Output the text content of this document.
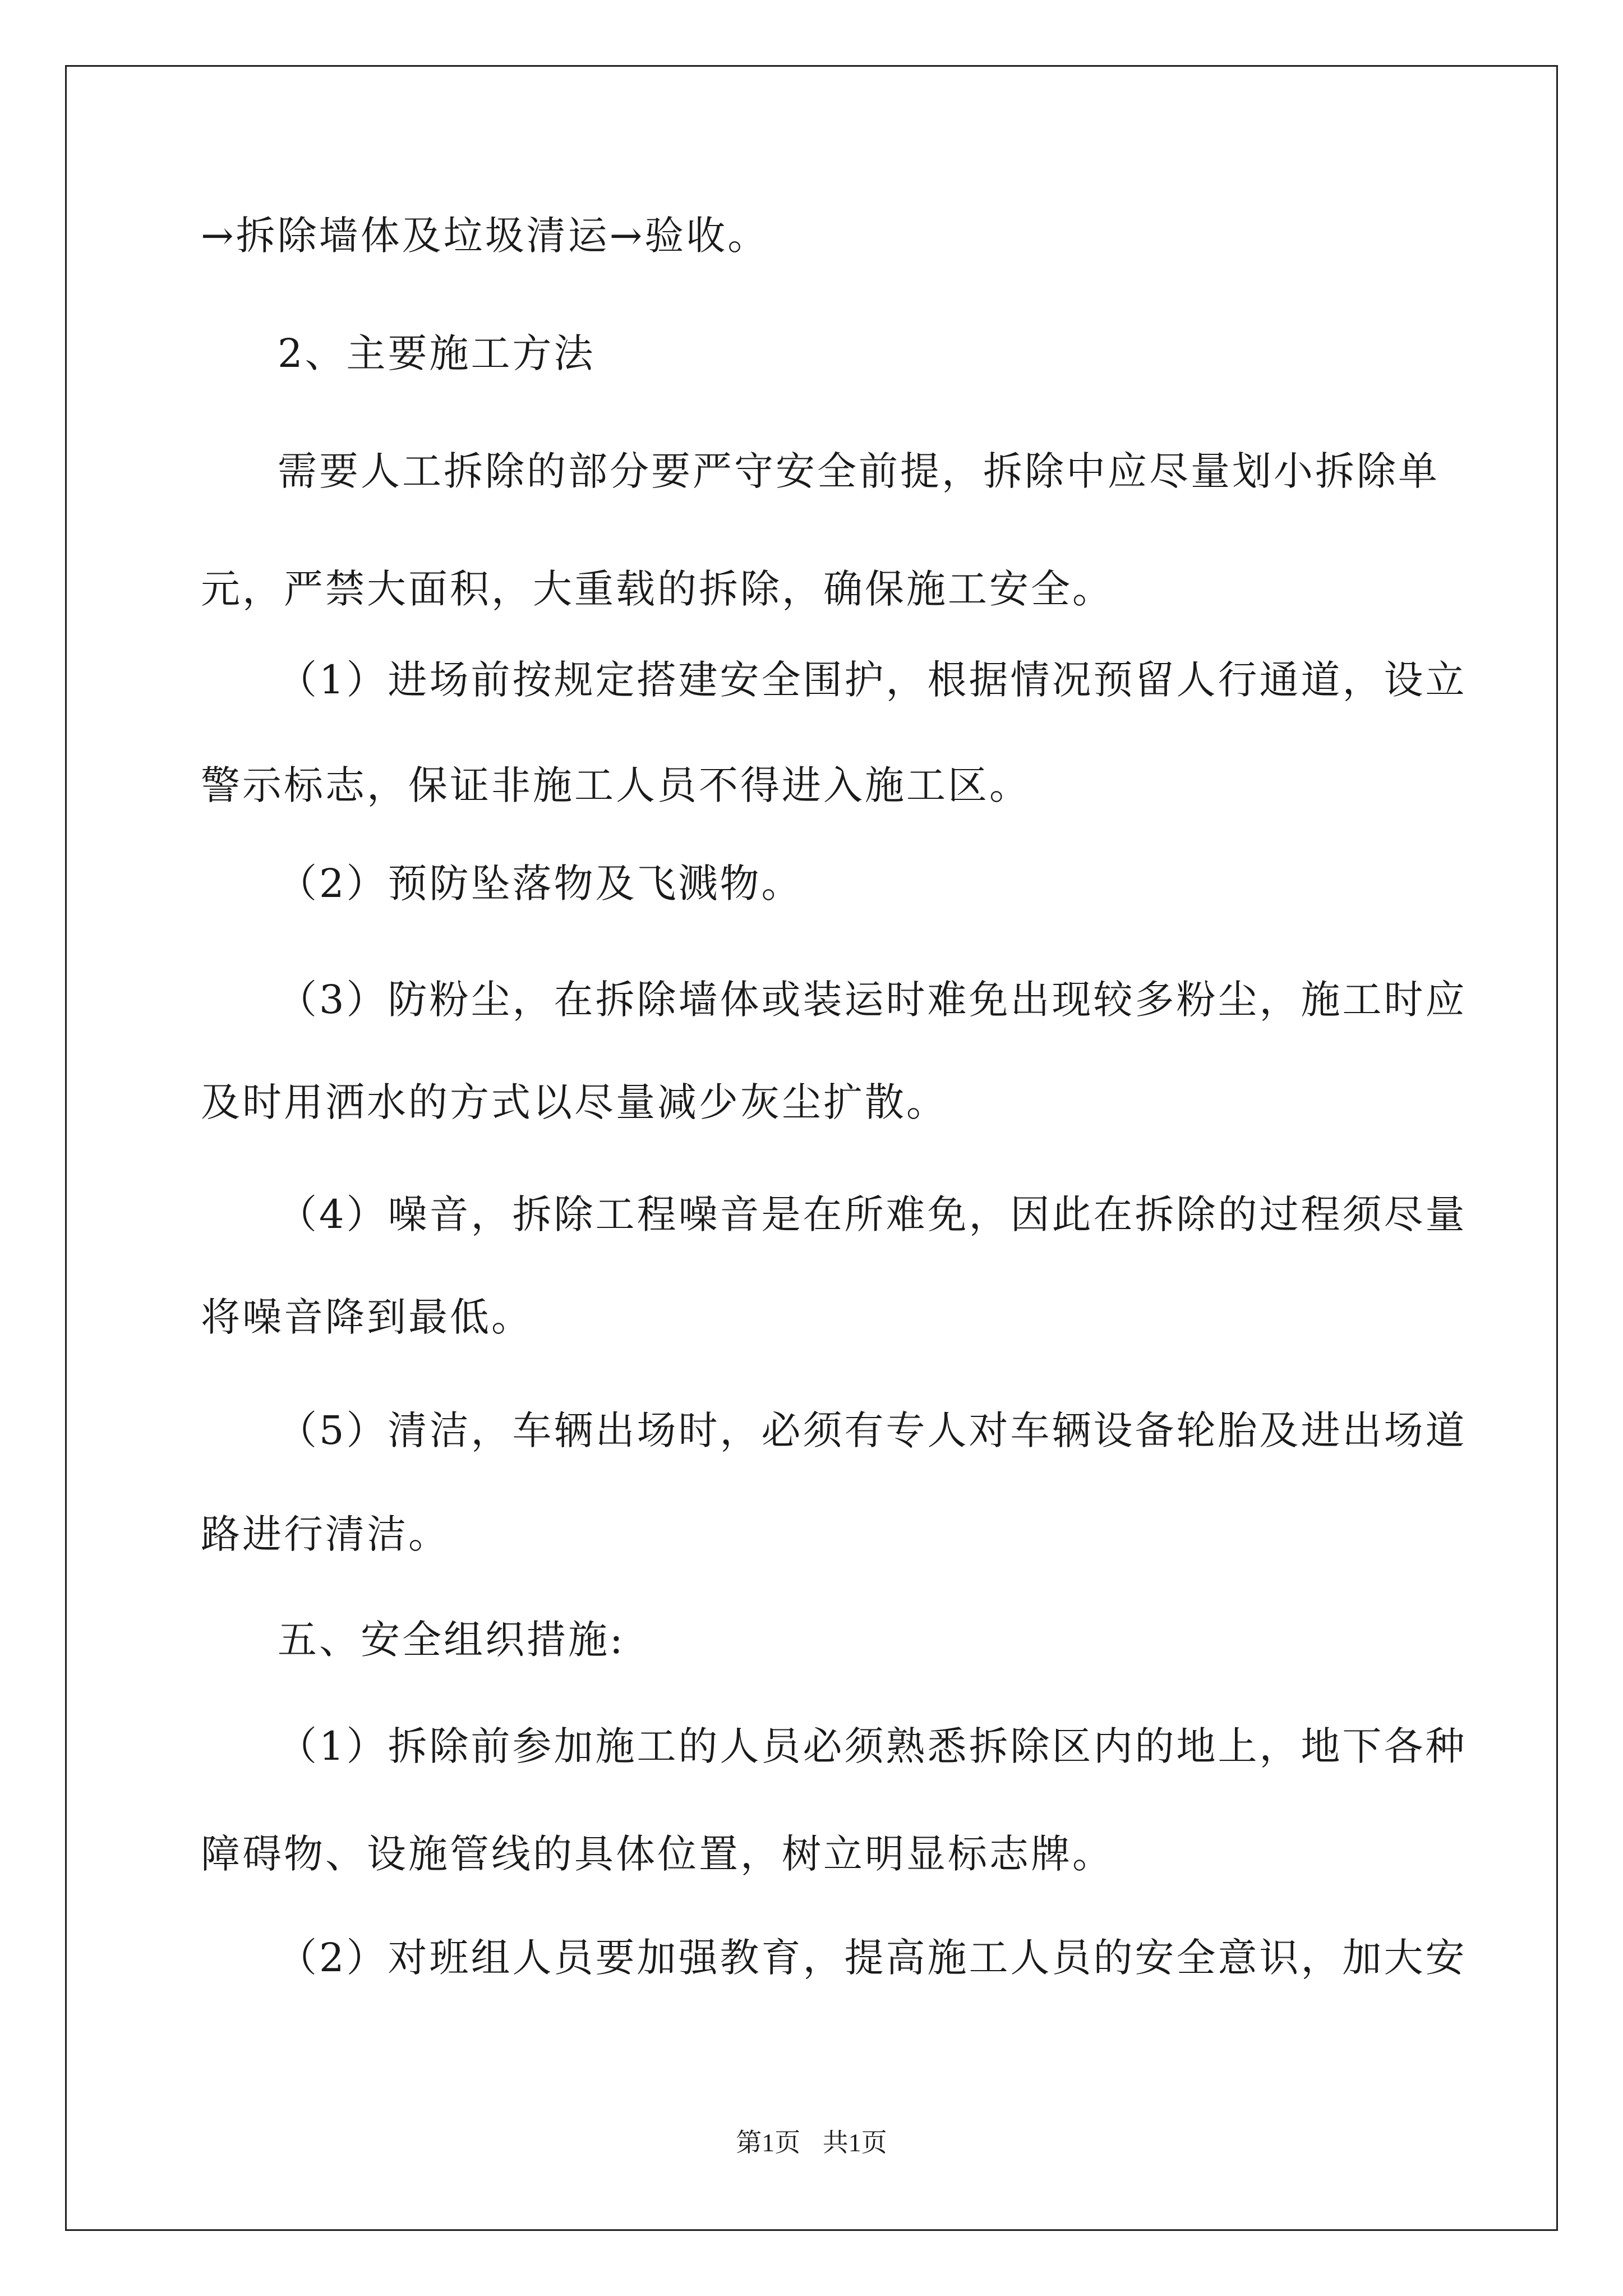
→拆除墙体及垃圾清运→验收。
2、主要施工方法
需要人工拆除的部分要严守安全前提，拆除中应尽量划小拆除单
元，严禁大面积，大重载的拆除，确保施工安全。
（1）进场前按规定搭建安全围护，根据情况预留人行通道，设立
警示标志，保证非施工人员不得进入施工区。
（2）预防坠落物及飞溅物。
（3）防粉尘，在拆除墙体或装运时难免出现较多粉尘，施工时应
及时用洒水的方式以尽量减少灰尘扩散。
（4）噪音，拆除工程噪音是在所难免，因此在拆除的过程须尽量
将噪音降到最低。
（5）清洁，车辆出场时，必须有专人对车辆设备轮胎及进出场道
路进行清洁。
五、安全组织措施:
（1）拆除前参加施工的人员必须熟悉拆除区内的地上，地下各种
障碍物、设施管线的具体位置，树立明显标志牌。
（2）对班组人员要加强教育，提高施工人员的安全意识，加大安
第1页 共1页
